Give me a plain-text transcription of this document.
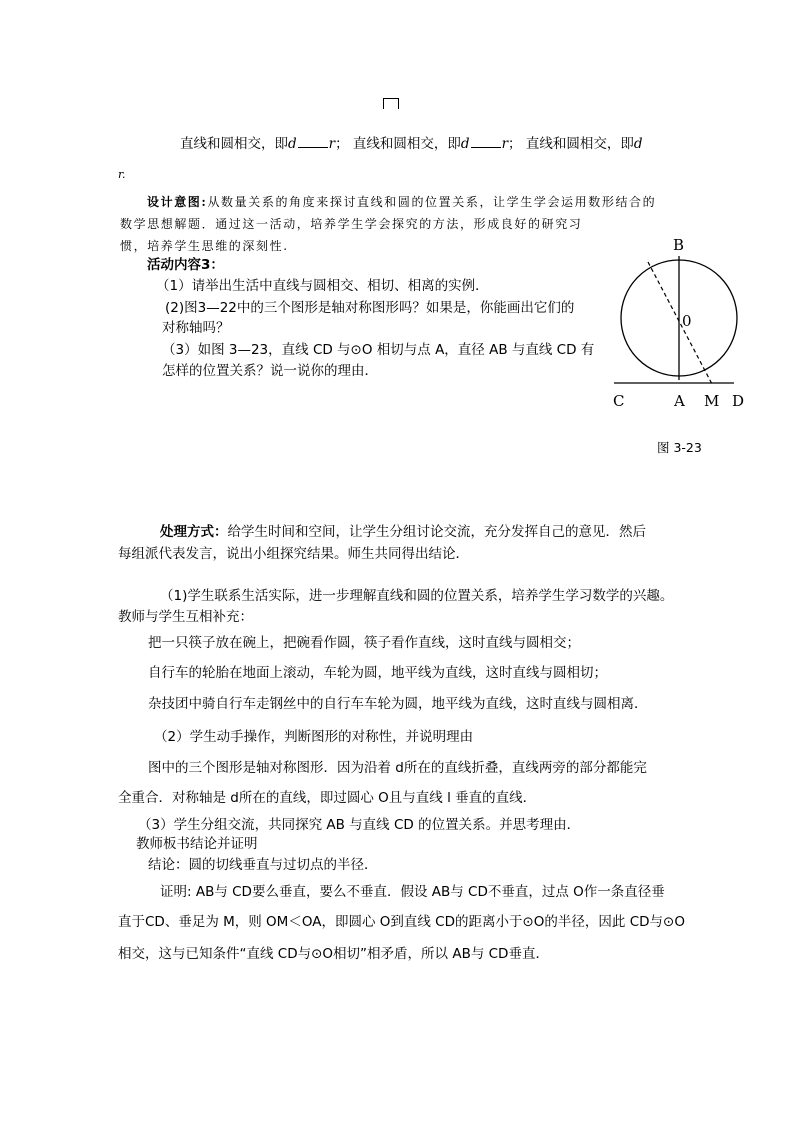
直线和圆相交，即d r； 直线和圆相交，即d r； 直线和圆相交，即d
r.
设计意图:从数量关系的角度来探讨直线和圆的位置关系，让学生学会运用数形结合的
数学思想解题．通过这一活动，培养学生学会探究的方法，形成良好的研究习
惯，培养学生思维的深刻性.
活动内容3：
（1）请举出生活中直线与圆相交、相切、相离的实例．
(2)图3—22中的三个图形是轴对称图形吗？如果是，你能画出它们的
对称轴吗？
（3）如图 3—23，直线 CD 与⊙O 相切与点 A，直径 AB 与直线 CD 有
怎样的位置关系？说一说你的理由．
B
0
C	A M D
图 3-23
处理方式：给学生时间和空间，让学生分组讨论交流，充分发挥自己的意见．然后
每组派代表发言，说出小组探究结果。师生共同得出结论．
（1)学生联系生活实际，进一步理解直线和圆的位置关系，培养学生学习数学的兴趣。
教师与学生互相补充：
把一只筷子放在碗上，把碗看作圆，筷子看作直线，这时直线与圆相交；
自行车的轮胎在地面上滚动，车轮为圆，地平线为直线，这时直线与圆相切；
杂技团中骑自行车走钢丝中的自行车车轮为圆，地平线为直线，这时直线与圆相离．
（2）学生动手操作，判断图形的对称性，并说明理由
图中的三个图形是轴对称图形．因为沿着 d所在的直线折叠，直线两旁的部分都能完
全重合．对称轴是 d所在的直线，即过圆心 O且与直线 l 垂直的直线．
（3）学生分组交流，共同探究 AB 与直线 CD 的位置关系。并思考理由．
教师板书结论并证明
结论：圆的切线垂直与过切点的半径．
证明: AB与 CD要么垂直，要么不垂直．假设 AB与 CD不垂直，过点 O作一条直径垂
直于CD、垂足为 M，则 OM＜OA，即圆心 O到直线 CD的距离小于⊙O的半径，因此 CD与⊙O
相交，这与已知条件“直线 CD与⊙O相切”相矛盾，所以 AB与 CD垂直．
